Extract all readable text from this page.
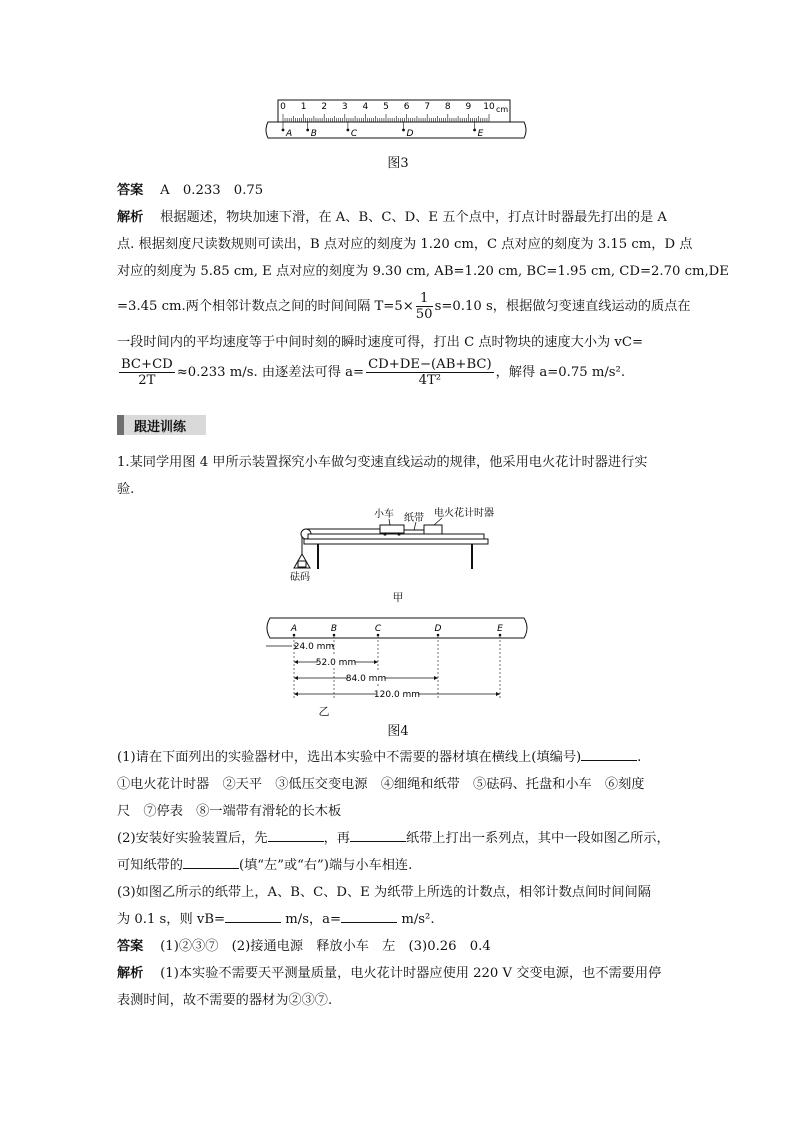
0 1 2 3 4 5 6 7 8 9 10 cm
A B	C	D	E
图3
答案 A　0.233　0.75
解析 根据题述，物块加速下滑，在 A、B、C、D、E 五个点中，打点计时器最先打出的是 A
点. 根据刻度尺读数规则可读出，B 点对应的刻度为 1.20 cm，C 点对应的刻度为 3.15 cm，D 点
对应的刻度为 5.85 cm, E 点对应的刻度为 9.30 cm, AB=1.20 cm, BC=1.95 cm, CD=2.70 cm,DE
=3.45 cm.两个相邻计数点之间的时间间隔 $T=5\times \frac{1}{50} s=0.10$ s，根据做匀变速直线运动的质点在
一段时间内的平均速度等于中间时刻的瞬时速度可得，打出 C 点时物块的速度大小为 vC=
$\frac{BC+CD}{2T} \approx 0.233$ m/s. 由逐差法可得 $a= \frac{CD+DE-(AB+BC)}{\text{4T²}}$ ，解得 a=0.75 m/s².
跟进训练
1.某同学用图 4 甲所示装置探究小车做匀变速直线运动的规律，他采用电火花计时器进行实
验.
砝码
小车 纸带 电火花计时器
甲
A	B	C	D	E
24.0 mm
52.0 mm
84.0 mm
120.0 mm
乙
图4
(1)请在下面列出的实验器材中，选出本实验中不需要的器材填在横线上(填编号)	.
①电火花计时器　②天平　③低压交变电源　④细绳和纸带　⑤砝码、托盘和小车　⑥刻度
尺　⑦停表　⑧一端带有滑轮的长木板
(2)安装好实验装置后，先	，再	纸带上打出一系列点，其中一段如图乙所示，
可知纸带的	(填“左”或“右”)端与小车相连.
(3)如图乙所示的纸带上，A、B、C、D、E 为纸带上所选的计数点，相邻计数点间时间间隔
为 0.1 s，则 vB=	m/s，a=	m/s².
答案 (1)②③⑦　(2)接通电源　释放小车　左　(3)0.26　0.4
解析 (1)本实验不需要天平测量质量，电火花计时器应使用 220 V 交变电源，也不需要用停
表测时间，故不需要的器材为②③⑦.
